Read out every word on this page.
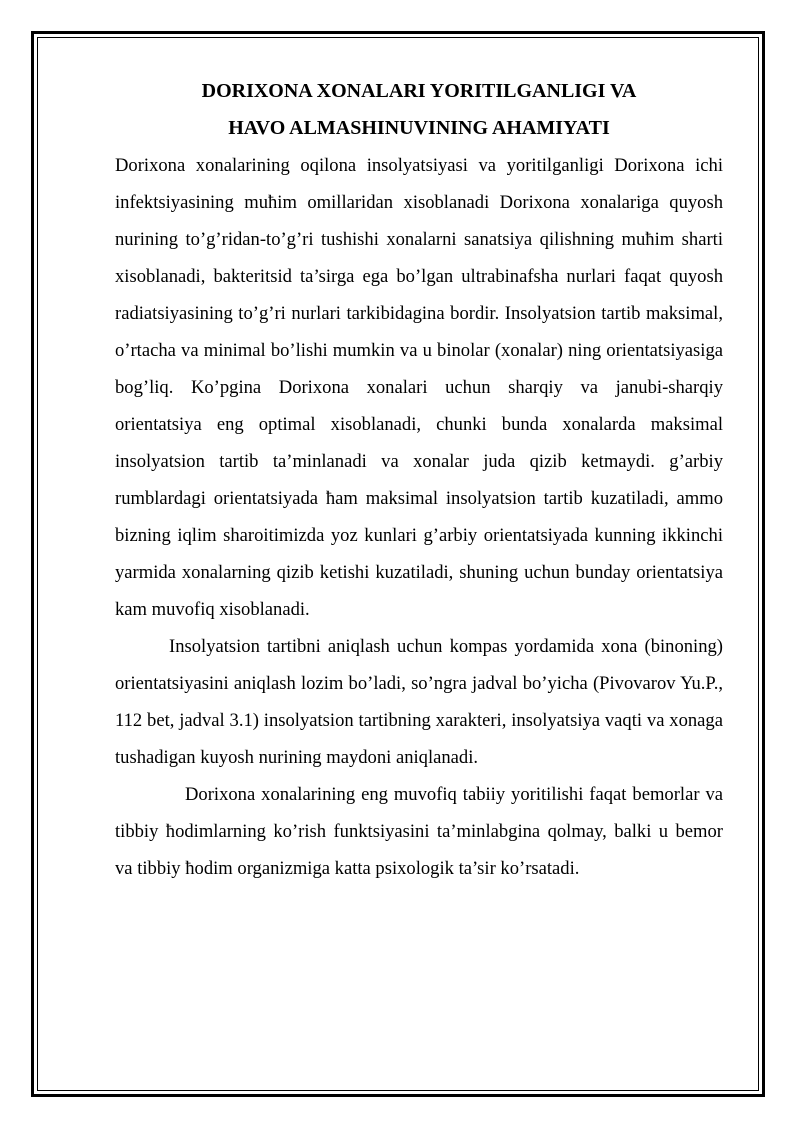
DORIXONA XONALARI YORITILGANLIGI VA
HAVO ALMASHINUVINING AHAMIYATI

Dorixona xonalarining oqilona insolyatsiyasi va yoritilganligi Dorixona ichi infektsiyasining muħim omillaridan xisoblanadi Dorixona xonalariga quyosh nurining to’g’ridan-to’g’ri tushishi xonalarni sanatsiya qilishning muħim sharti xisoblanadi, bakteritsid ta’sirga ega bo’lgan ultrabinafsha nurlari faqat quyosh radiatsiyasining to’g’ri nurlari tarkibidagina bordir. Insolyatsion tartib maksimal, o’rtacha va minimal bo’lishi mumkin va u binolar (xonalar) ning orientatsiyasiga bog’liq. Ko’pgina Dorixona xonalari uchun sharqiy va janubi-sharqiy orientatsiya eng optimal xisoblanadi, chunki bunda xonalarda maksimal insolyatsion tartib ta’minlanadi va xonalar juda qizib ketmaydi. g’arbiy rumblardagi orientatsiyada ħam maksimal insolyatsion tartib kuzatiladi, ammo bizning iqlim sharoitimizda yoz kunlari g’arbiy orientatsiyada kunning ikkinchi yarmida xonalarning qizib ketishi kuzatiladi, shuning uchun bunday orientatsiya kam muvofiq xisoblanadi.

Insolyatsion tartibni aniqlash uchun kompas yordamida xona (binoning) orientatsiyasini aniqlash lozim bo’ladi, so’ngra jadval bo’yicha (Pivovarov Yu.P., 112 bet, jadval 3.1) insolyatsion tartibning xarakteri, insolyatsiya vaqti va xonaga tushadigan kuyosh nurining maydoni aniqlanadi.

Dorixona xonalarining eng muvofiq tabiiy yoritilishi faqat bemorlar va tibbiy ħodimlarning ko’rish funktsiyasini ta’minlabgina qolmay, balki u bemor va tibbiy ħodim organizmiga katta psixologik ta’sir ko’rsatadi.
